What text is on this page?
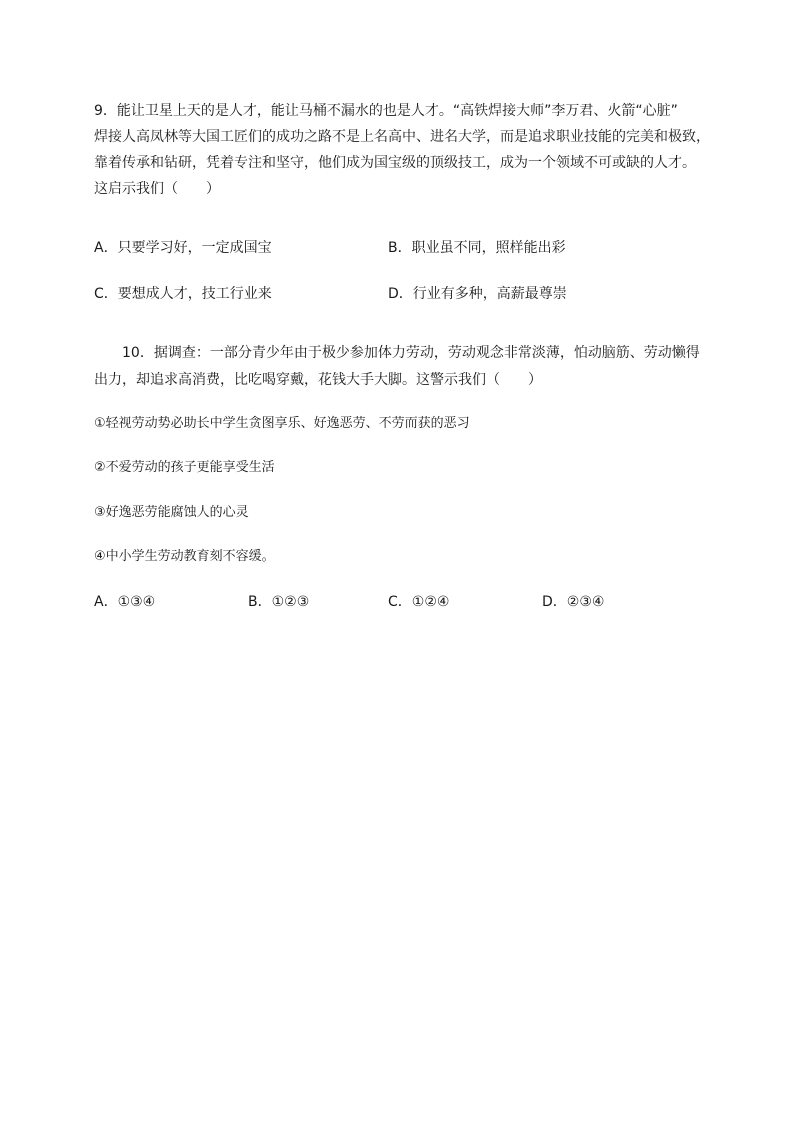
9．能让卫星上天的是人才，能让马桶不漏水的也是人才。“高铁焊接大师”李万君、火箭“心脏”

焊接人高凤林等大国工匠们的成功之路不是上名高中、进名大学，而是追求职业技能的完美和极致，

靠着传承和钻研，凭着专注和坚守，他们成为国宝级的顶级技工，成为一个领域不可或缺的人才。

这启示我们（　　）

A．只要学习好，一定成国宝	B．职业虽不同，照样能出彩
C．要想成人才，技工行业来	D．行业有多种，高薪最尊崇

10．据调查：一部分青少年由于极少参加体力劳动，劳动观念非常淡薄，怕动脑筋、劳动懒得

出力，却追求高消费，比吃喝穿戴，花钱大手大脚。这警示我们（　　）

①轻视劳动势必助长中学生贪图享乐、好逸恶劳、不劳而获的恶习
②不爱劳动的孩子更能享受生活
③好逸恶劳能腐蚀人的心灵
④中小学生劳动教育刻不容缓。
A．①③④	B．①②③	C．①②④	D．②③④
